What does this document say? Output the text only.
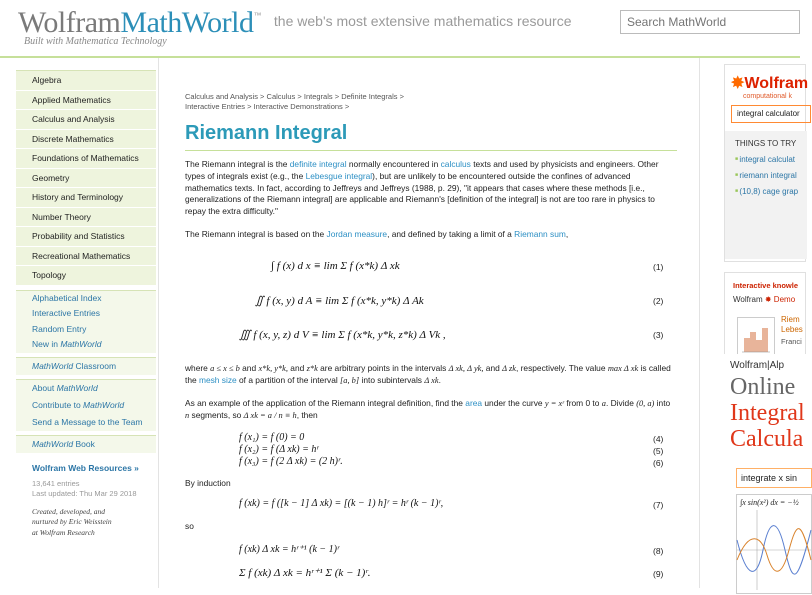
WolframMathWorld™ the web's most extensive mathematics resource
Built with Mathematica Technology
Search MathWorld
Algebra
Applied Mathematics
Calculus and Analysis
Discrete Mathematics
Foundations of Mathematics
Geometry
History and Terminology
Number Theory
Probability and Statistics
Recreational Mathematics
Topology
Alphabetical Index
Interactive Entries
Random Entry
New in MathWorld
MathWorld Classroom
About MathWorld
Contribute to MathWorld
Send a Message to the Team
MathWorld Book
Wolfram Web Resources »
13,641 entries
Last updated: Thu Mar 29 2018
Created, developed, and
nurtured by Eric Weisstein
at Wolfram Research
Calculus and Analysis > Calculus > Integrals > Definite Integrals >
Interactive Entries > Interactive Demonstrations >
Riemann Integral

The Riemann integral is the definite integral normally encountered in calculus texts and used by physicists and engineers. Other types of integrals exist (e.g., the Lebesgue integral), but are unlikely to be encountered outside the confines of advanced mathematics texts. In fact, according to Jeffreys and Jeffreys (1988, p. 29), "it appears that cases where these methods [i.e., generalizations of the Riemann integral] are applicable and Riemann's [definition of the integral] is not are too rare in physics to repay the extra difficulty."

The Riemann integral is based on the Jordan measure, and defined by taking a limit of a Riemann sum,

∫ f (x) d x ≡ lim Σ f (x*k) Δ xk	(1)
∬ f (x, y) d A ≡ lim Σ f (x*k, y*k) Δ Ak	(2)
∭ f (x, y, z) d V ≡ lim Σ f (x*k, y*k, z*k) Δ Vk ,	(3)

where a ≤ x ≤ b and x*k, y*k, and z*k are arbitrary points in the intervals Δ xk, Δ yk, and Δ zk, respectively. The value max Δ xk is called the mesh size of a partition of the interval [a, b] into subintervals Δ xk.

As an example of the application of the Riemann integral definition, find the area under the curve y = xʳ from 0 to a. Divide (0, a) into n segments, so Δ xk = a / n ≡ h, then

f (x₁) = f (0) = 0	(4)
f (x₂) = f (Δ xk) = hʳ	(5)
f (x₃) = f (2 Δ xk) = (2 h)ʳ.	(6)

By induction

f (xk) = f ([k − 1] Δ xk) = [(k − 1) h]ʳ = hʳ (k − 1)ʳ,	(7)

so

f (xk) Δ xk = hʳ⁺¹ (k − 1)ʳ	(8)
Σ f (xk) Δ xk = hʳ⁺¹ Σ (k − 1)ʳ.	(9)
✸Wolfram
computational k
integral calculator
THINGS TO TRY
■ integral calculat
■ riemann integral
■ (10,8) cage grap
Interactive knowle
Wolfram ✸ Demo
Riem
Lebes
Franci
Wolfram|Alp
Online
Integral
Calcula
integrate x sin
∫x sin(x²) dx = −½
